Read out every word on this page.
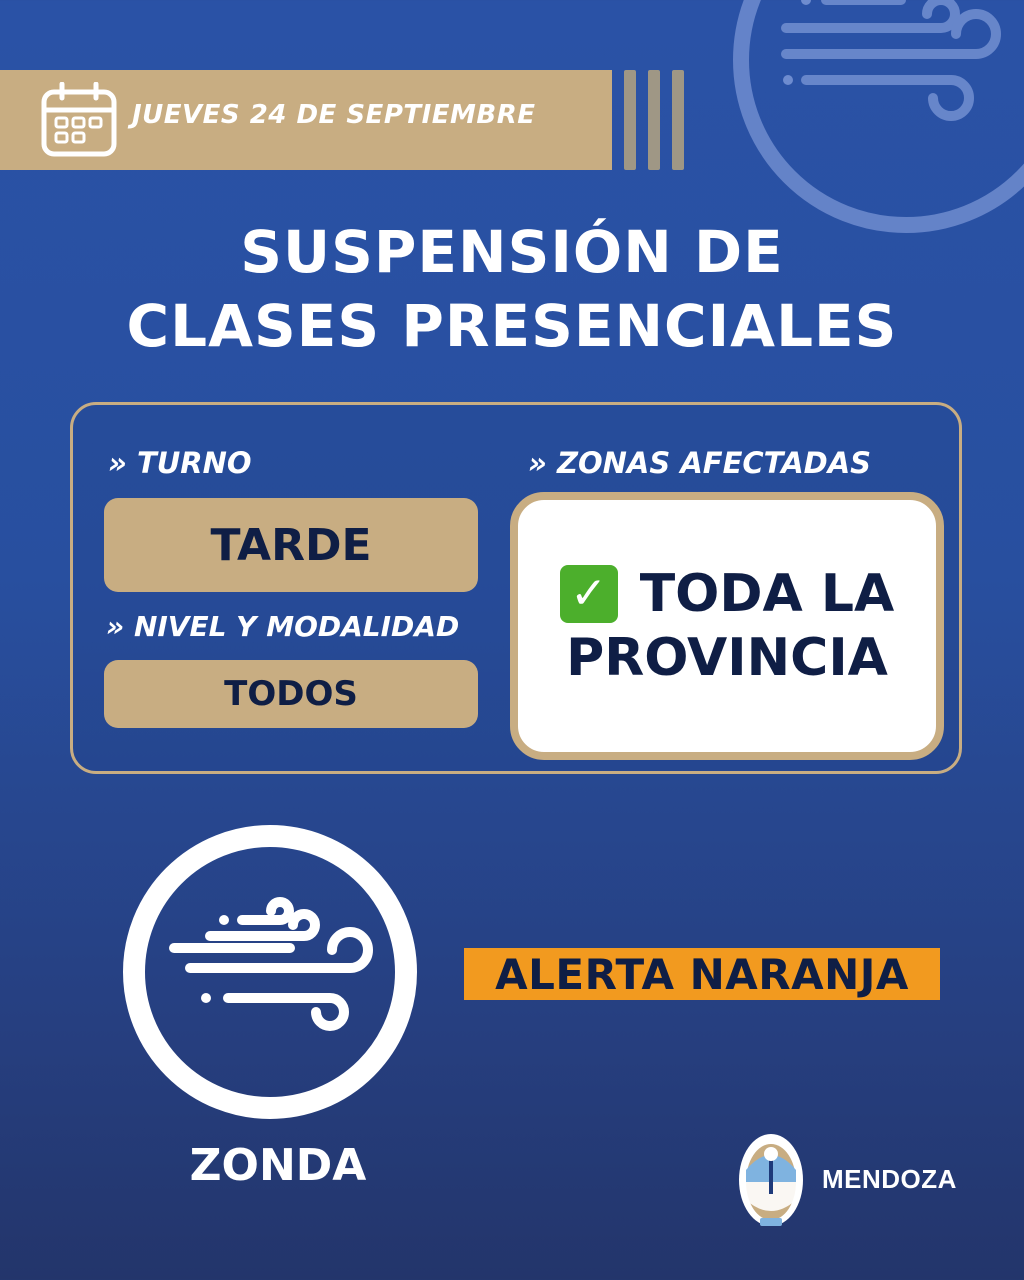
JUEVES 24 DE SEPTIEMBRE
SUSPENSIÓN DE
CLASES PRESENCIALES
» TURNO
TARDE
» NIVEL Y MODALIDAD
TODOS
» ZONAS AFECTADAS
✓ TODA LA
PROVINCIA
ZONDA
ALERTA NARANJA
MENDOZA
